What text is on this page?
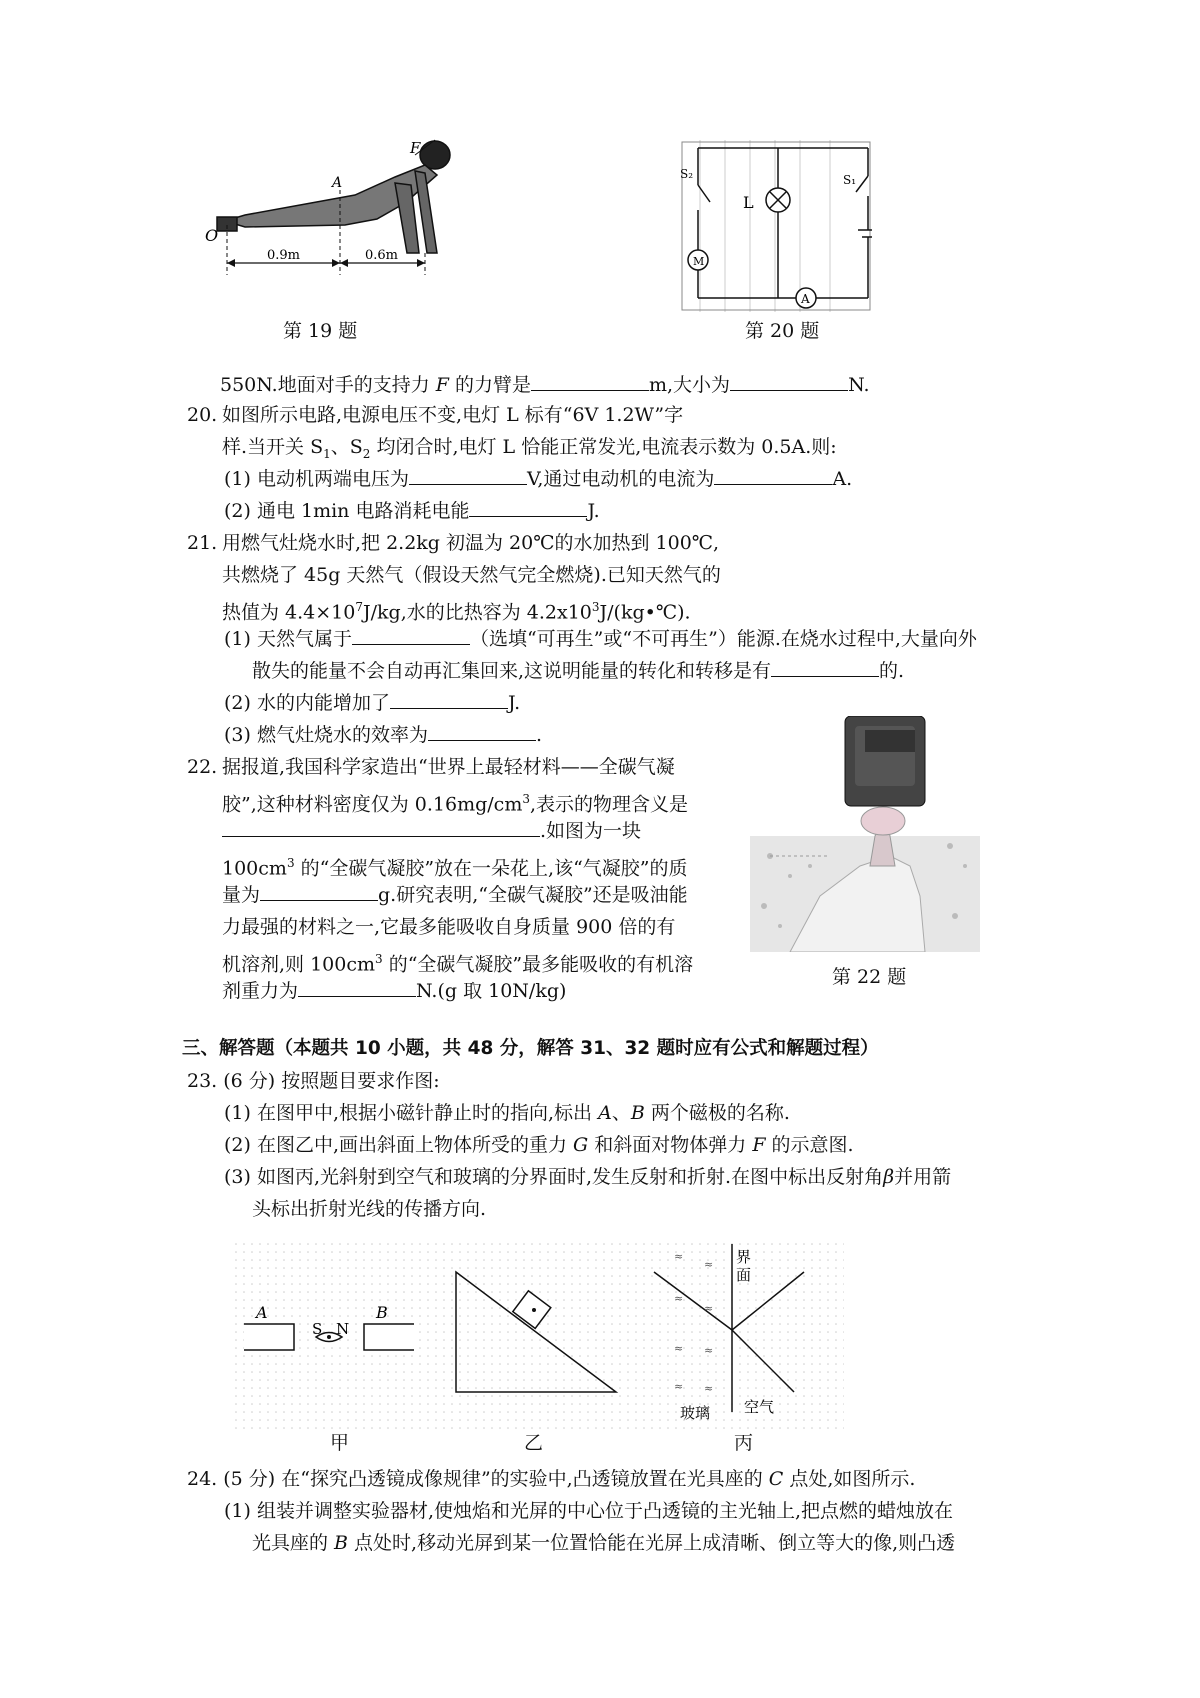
F
A
O
0.9m	0.6m
第 19 题
S₂
L
M
S₁
A
第 20 题
550N.地面对手的支持力 F 的力臂是	m,大小为	N.
20. 如图所示电路,电源电压不变,电灯 L 标有“6V 1.2W”字
样.当开关 $S_1$、$S_2$ 均闭合时,电灯 L 恰能正常发光,电流表示数为 0.5A.则:
(1) 电动机两端电压为	V,通过电动机的电流为	A.
(2) 通电 1min 电路消耗电能	J.
21. 用燃气灶烧水时,把 2.2kg 初温为 20℃的水加热到 100℃,
共燃烧了 45g 天然气（假设天然气完全燃烧).已知天然气的
热值为 $4.4\times 10^7J/kg$,水的比热容为 $4.2x10^3J/(kg•℃)$.
(1) 天然气属于	（选填“可再生”或“不可再生”）能源.在烧水过程中,大量向外
散失的能量不会自动再汇集回来,这说明能量的转化和转移是有	的.
(2) 水的内能增加了	J.
(3) 燃气灶烧水的效率为	.
22. 据报道,我国科学家造出“世界上最轻材料——全碳气凝
胶”,这种材料密度仅为 $0.16mg/cm^3$,表示的物理含义是
.如图为一块
$100cm^3$ 的“全碳气凝胶”放在一朵花上,该“气凝胶”的质
量为	g.研究表明,“全碳气凝胶”还是吸油能
力最强的材料之一,它最多能吸收自身质量 900 倍的有
机溶剂,则 $100cm^3$ 的“全碳气凝胶”最多能吸收的有机溶
剂重力为	N.(g 取 10N/kg)
第 22 题
三、解答题（本题共 10 小题，共 48 分，解答 31、32 题时应有公式和解题过程）
23. (6 分) 按照题目要求作图:
(1) 在图甲中,根据小磁针静止时的指向,标出 A、B 两个磁极的名称.
(2) 在图乙中,画出斜面上物体所受的重力 G 和斜面对物体弹力 F 的示意图.
(3) 如图丙,光斜射到空气和玻璃的分界面时,发生反射和折射.在图中标出反射角β并用箭
头标出折射光线的传播方向.
A
S N
B
≈
≈
≈
≈
≈ ≈
≈ ≈
界
面
玻璃 空气
甲	乙	丙
24. (5 分) 在“探究凸透镜成像规律”的实验中,凸透镜放置在光具座的 C 点处,如图所示.
(1) 组装并调整实验器材,使烛焰和光屏的中心位于凸透镜的主光轴上,把点燃的蜡烛放在
光具座的 B 点处时,移动光屏到某一位置恰能在光屏上成清晰、倒立等大的像,则凸透
